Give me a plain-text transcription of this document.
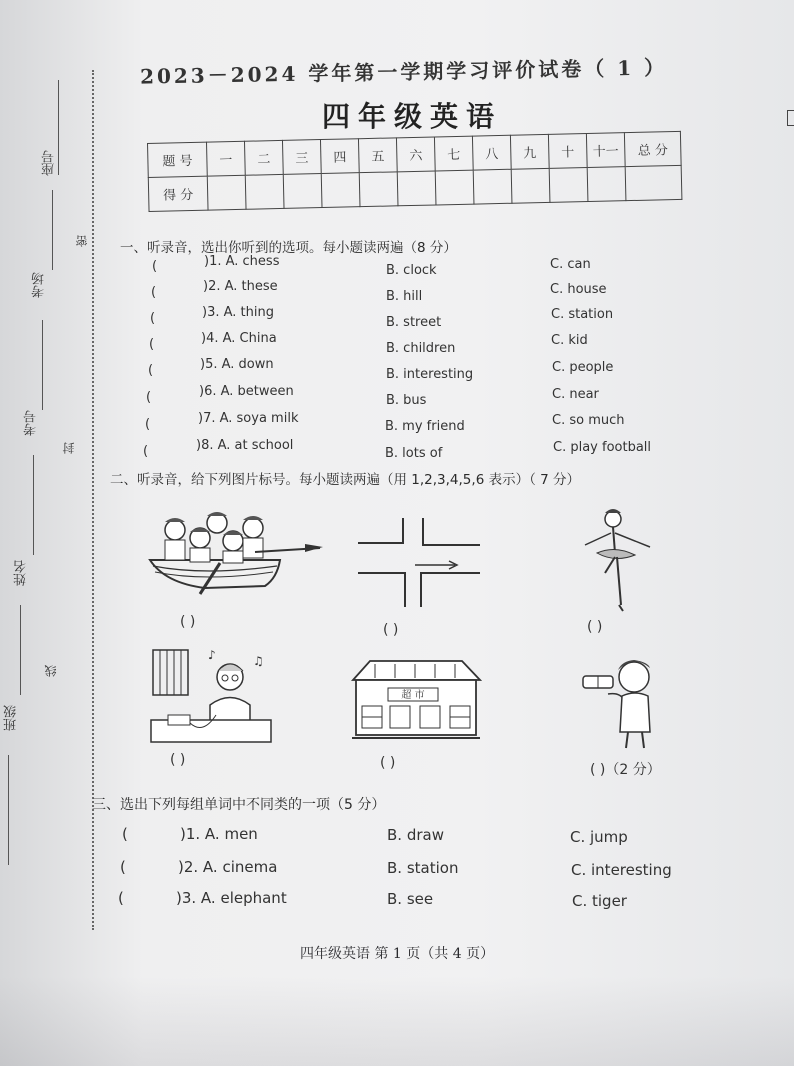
座号
密
考场
考号
封
姓名
线
班级
2023－2024 学年第一学期学习评价试卷（ 1 ）
四年级英语
题 号	一	二	三	四	五	六	七	八	九	十	十一	总 分
得 分												
一、听录音，选出你听到的选项。每小题读两遍（8 分）
(	)1. A. chess
B. clock	C. can
(	)2. A. these
B. hill	C. house
(	)3. A. thing
B. street
C. station
(	)4. A. China
B. children
C. kid
(	)5. A. down
B. interesting	C. people
(	)6. A. between
B. bus	C. near
(	)7. A. soya milk
B. my friend	C. so much
(	)8. A. at school
B. lots of	C. play football
二、听录音，给下列图片标号。每小题读两遍（用 1,2,3,4,5,6 表示）（ 7 分）
( )	( )	( )
♪	♫
( )
超 市
( )	( )（2 分）
三、选出下列每组单词中不同类的一项（5 分）
(	)1. A. men	B. draw	C. jump
(	)2. A. cinema	B. station	C. interesting
(	)3. A. elephant	B. see	C. tiger
四年级英语 第 1 页（共 4 页）
